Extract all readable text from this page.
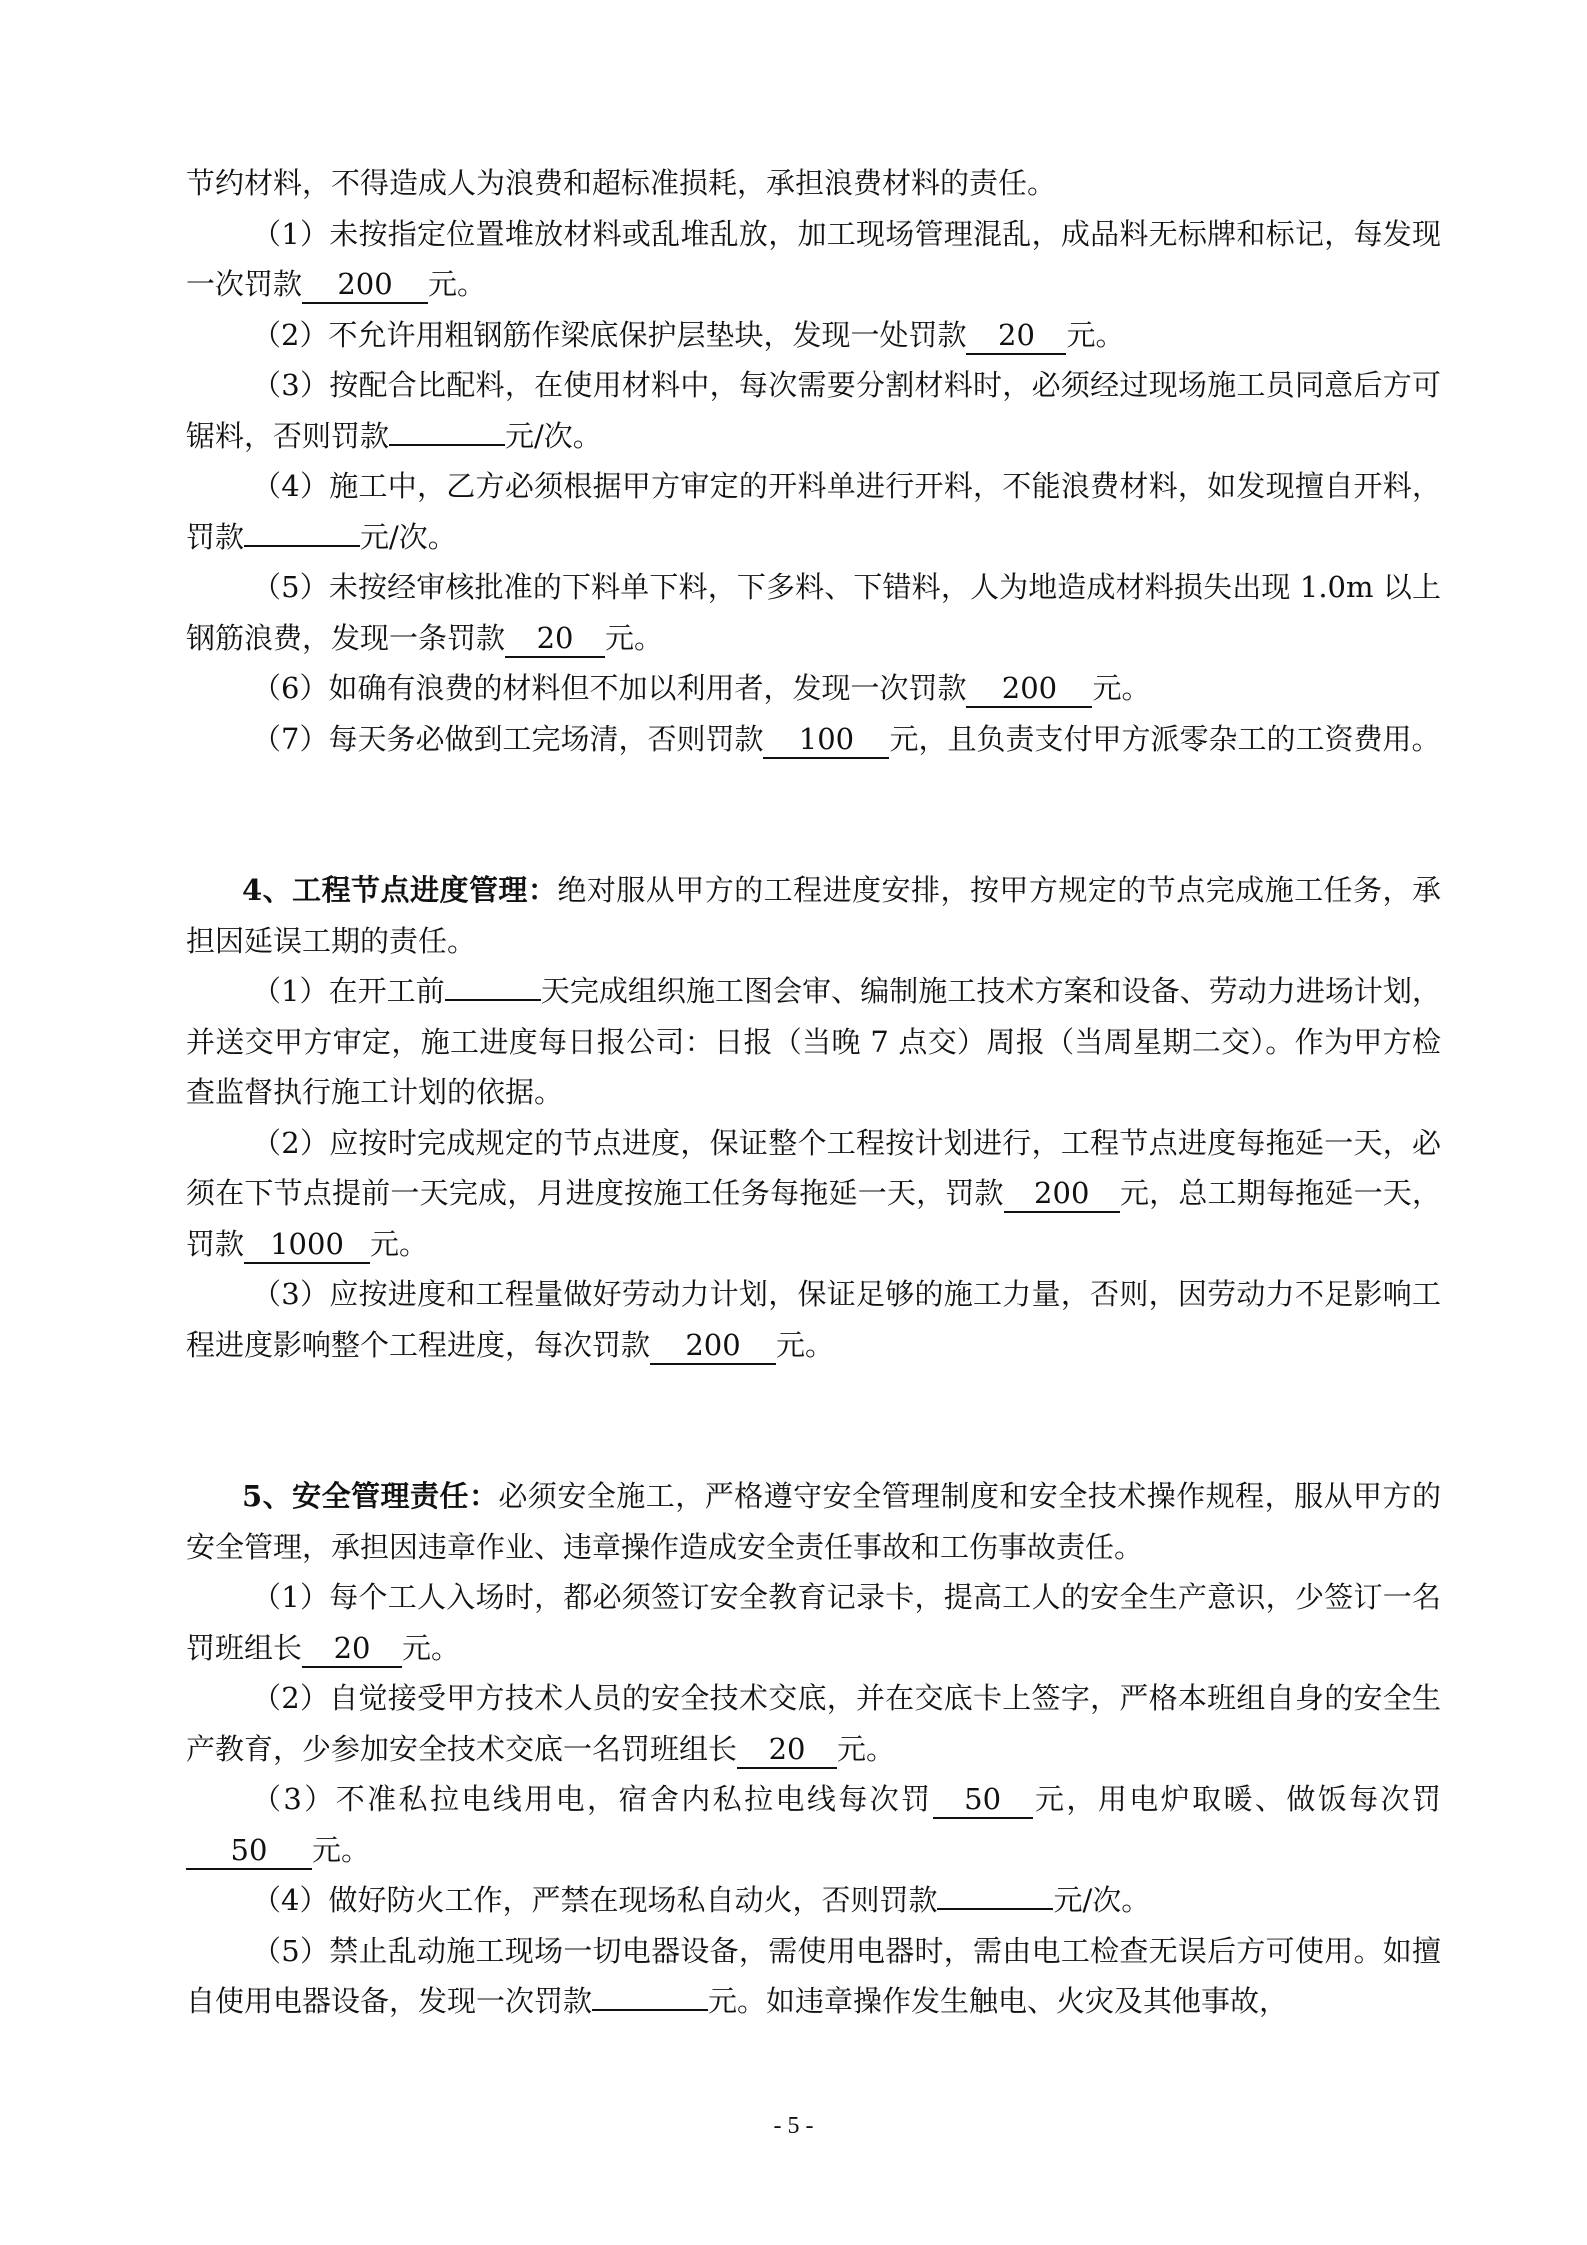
节约材料，不得造成人为浪费和超标准损耗，承担浪费材料的责任。

（1）未按指定位置堆放材料或乱堆乱放，加工现场管理混乱，成品料无标牌和标记，每发现一次罚款 200 元。

（2）不允许用粗钢筋作梁底保护层垫块，发现一处罚款 20 元。

（3）按配合比配料，在使用材料中，每次需要分割材料时，必须经过现场施工员同意后方可锯料，否则罚款	元/次。

（4）施工中，乙方必须根据甲方审定的开料单进行开料，不能浪费材料，如发现擅自开料，罚款	元/次。

（5）未按经审核批准的下料单下料，下多料、下错料，人为地造成材料损失出现 1.0m 以上钢筋浪费，发现一条罚款 20 元。

（6）如确有浪费的材料但不加以利用者，发现一次罚款 200 元。

（7）每天务必做到工完场清，否则罚款 100 元，且负责支付甲方派零杂工的工资费用。

4、工程节点进度管理：绝对服从甲方的工程进度安排，按甲方规定的节点完成施工任务，承担因延误工期的责任。

（1）在开工前	天完成组织施工图会审、编制施工技术方案和设备、劳动力进场计划，并送交甲方审定，施工进度每日报公司：日报（当晚 7 点交）周报（当周星期二交）。作为甲方检查监督执行施工计划的依据。

（2）应按时完成规定的节点进度，保证整个工程按计划进行，工程节点进度每拖延一天，必须在下节点提前一天完成，月进度按施工任务每拖延一天，罚款 200 元，总工期每拖延一天，罚款 1000 元。

（3）应按进度和工程量做好劳动力计划，保证足够的施工力量，否则，因劳动力不足影响工程进度影响整个工程进度，每次罚款 200 元。

5、安全管理责任：必须安全施工，严格遵守安全管理制度和安全技术操作规程，服从甲方的安全管理，承担因违章作业、违章操作造成安全责任事故和工伤事故责任。

（1）每个工人入场时，都必须签订安全教育记录卡，提高工人的安全生产意识，少签订一名罚班组长 20 元。

（2）自觉接受甲方技术人员的安全技术交底，并在交底卡上签字，严格本班组自身的安全生产教育，少参加安全技术交底一名罚班组长 20 元。

（3）不准私拉电线用电，宿舍内私拉电线每次罚 50 元，用电炉取暖、做饭每次罚50 元。

（4）做好防火工作，严禁在现场私自动火，否则罚款	元/次。

（5）禁止乱动施工现场一切电器设备，需使用电器时，需由电工检查无误后方可使用。如擅自使用电器设备，发现一次罚款	元。如违章操作发生触电、火灾及其他事故，

- 5 -
